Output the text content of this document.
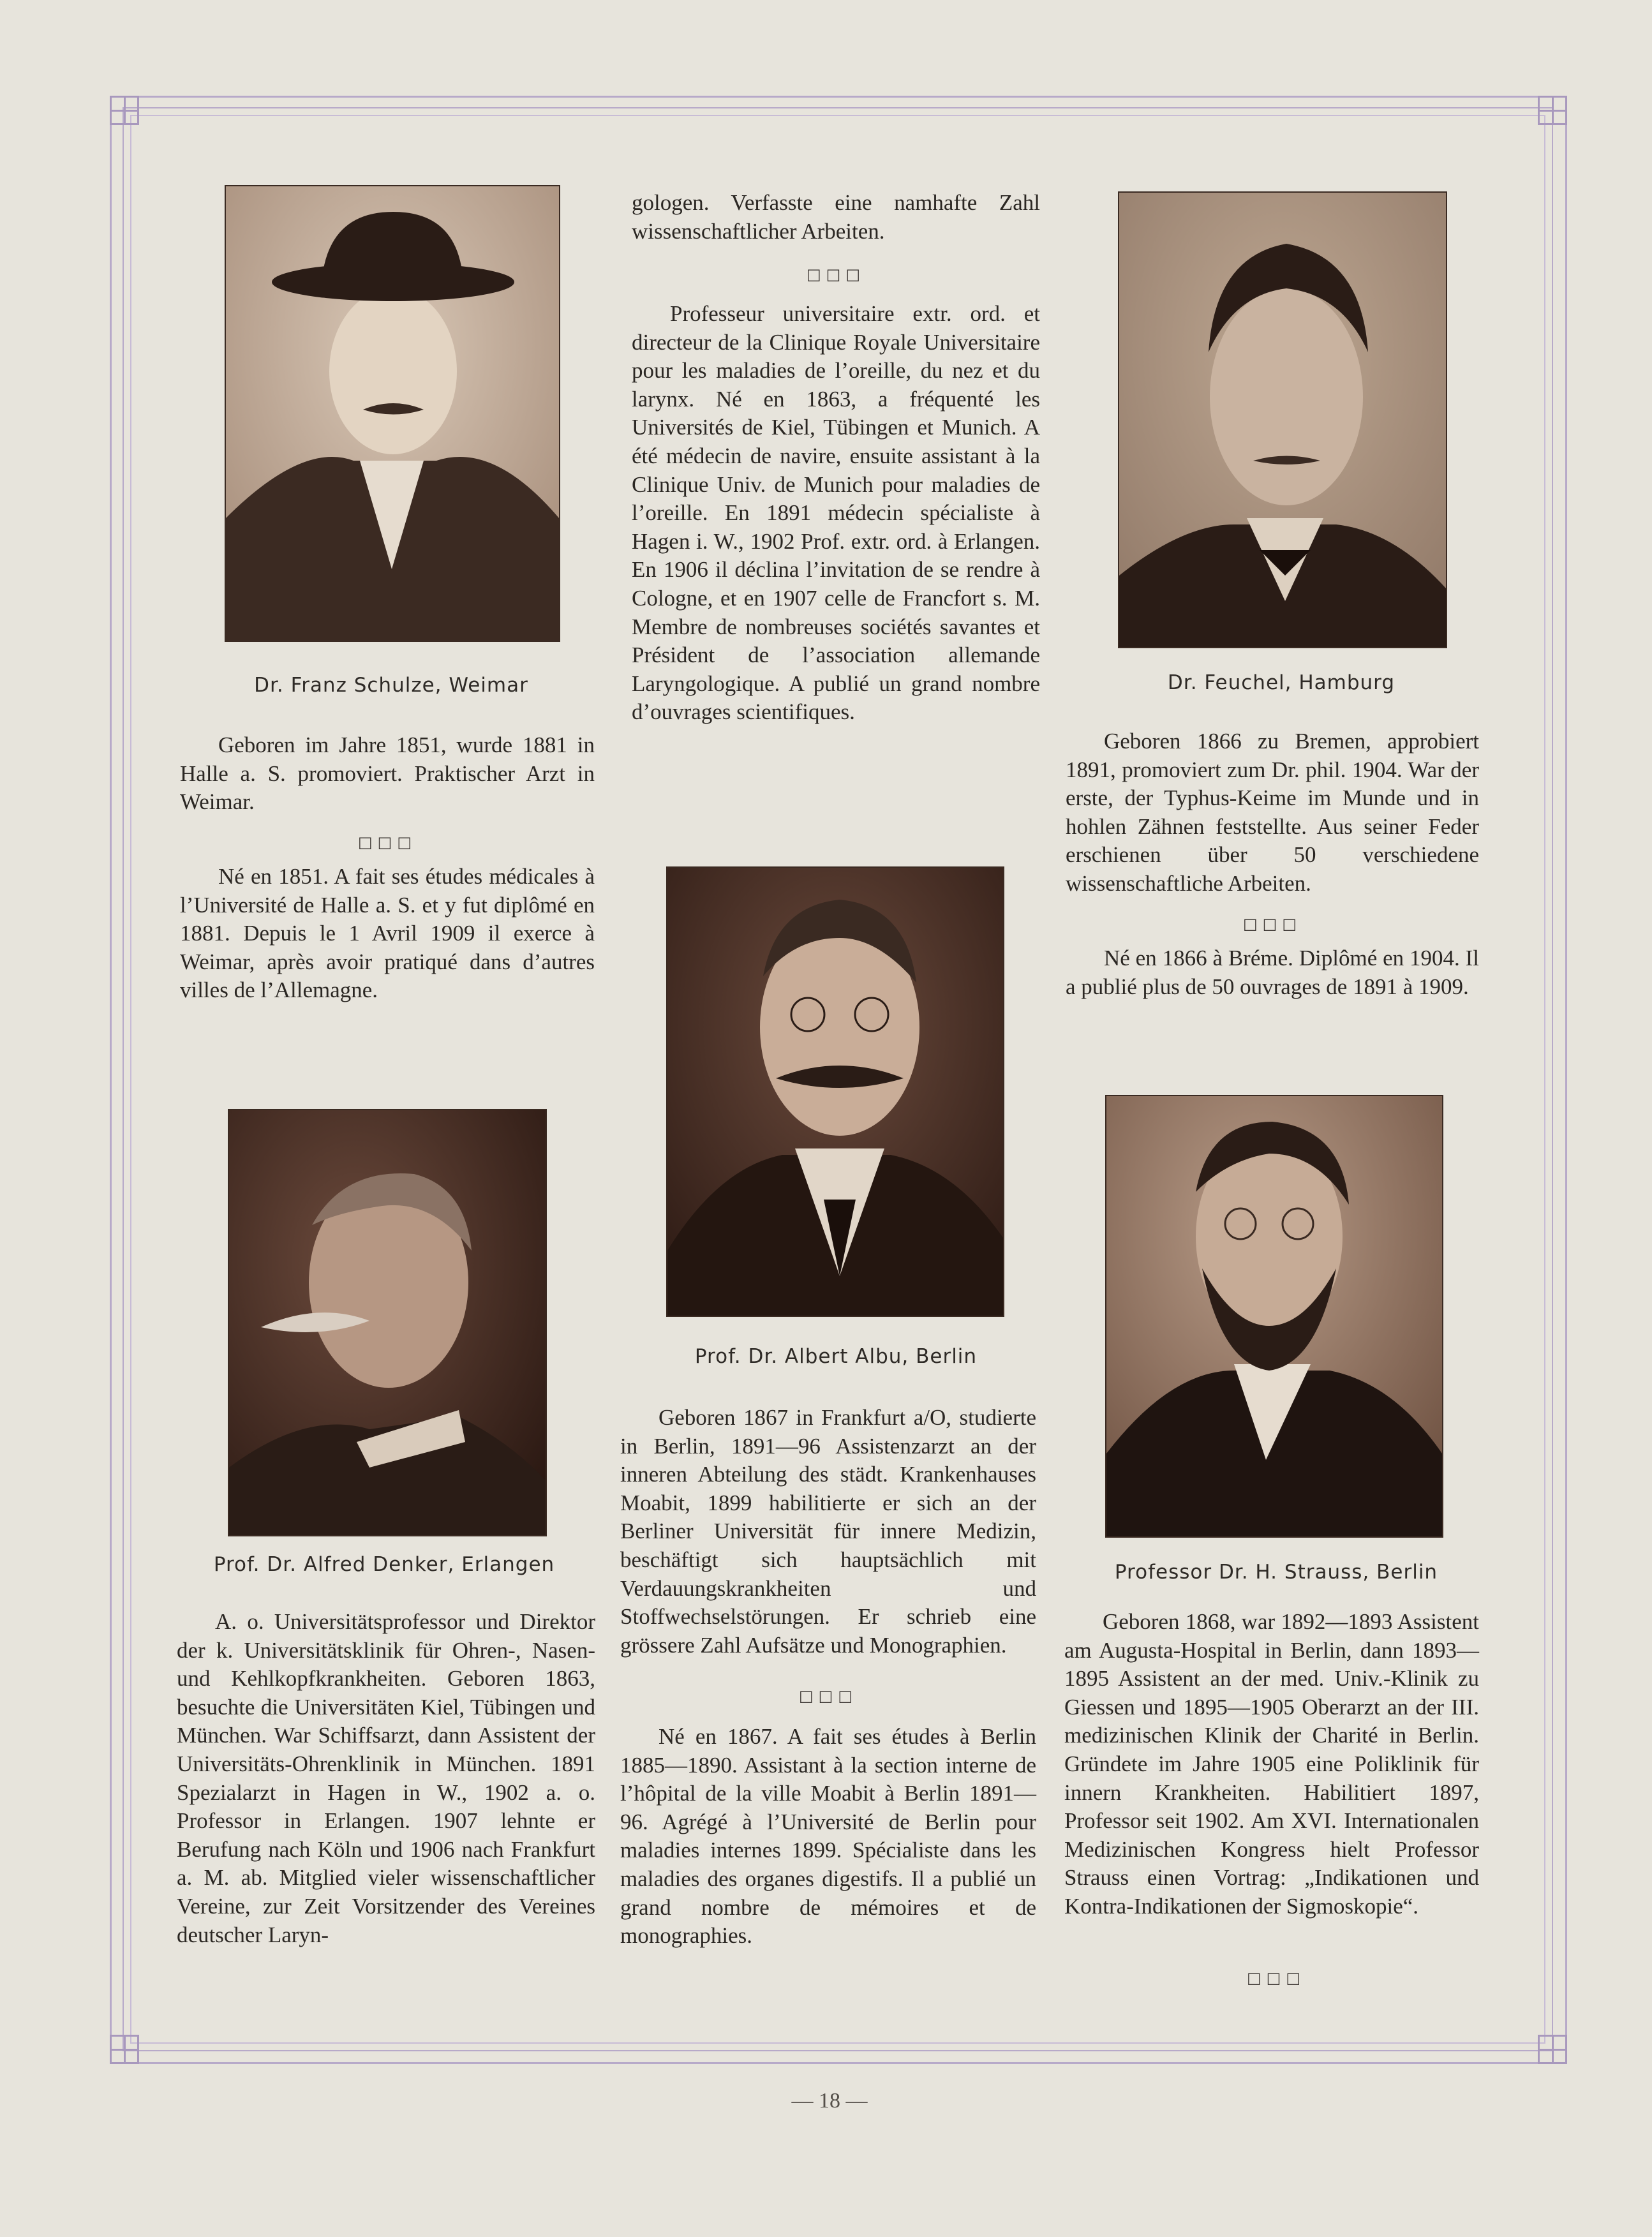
Dr. Franz Schulze, Weimar

Geboren im Jahre 1851, wurde 1881 in Halle a. S. promoviert. Praktischer Arzt in Weimar.

□□□

Né en 1851. A fait ses études médicales à l’Université de Halle a. S. et y fut diplômé en 1881. Depuis le 1 Avril 1909 il exerce à Weimar, après avoir pratiqué dans d’autres villes de l’Allemagne.

Prof. Dr. Alfred Denker, Erlangen

A. o. Universitätsprofessor und Direktor der k. Universitätsklinik für Ohren-, Nasen- und Kehlkopfkrankheiten. Geboren 1863, besuchte die Universitäten Kiel, Tübingen und München. War Schiffsarzt, dann Assistent der Universitäts-Ohrenklinik in München. 1891 Spezialarzt in Hagen in W., 1902 a. o. Professor in Erlangen. 1907 lehnte er Berufung nach Köln und 1906 nach Frankfurt a. M. ab. Mitglied vieler wissenschaftlicher Vereine, zur Zeit Vorsitzender des Vereines deutscher Laryn-

gologen. Verfasste eine namhafte Zahl wissenschaftlicher Arbeiten.

□□□

Professeur universitaire extr. ord. et directeur de la Clinique Royale Universitaire pour les maladies de l’oreille, du nez et du larynx. Né en 1863, a fréquenté les Universités de Kiel, Tübingen et Munich. A été médecin de navire, ensuite assistant à la Clinique Univ. de Munich pour maladies de l’oreille. En 1891 médecin spécialiste à Hagen i. W., 1902 Prof. extr. ord. à Erlangen. En 1906 il déclina l’invitation de se rendre à Cologne, et en 1907 celle de Francfort s. M. Membre de nombreuses sociétés savantes et Président de l’association allemande Laryngologique. A publié un grand nombre d’ouvrages scientifiques.

Prof. Dr. Albert Albu, Berlin

Geboren 1867 in Frankfurt a/O, studierte in Berlin, 1891—96 Assistenzarzt an der inneren Abteilung des städt. Krankenhauses Moabit, 1899 habilitierte er sich an der Berliner Universität für innere Medizin, beschäftigt sich hauptsächlich mit Verdauungskrankheiten und Stoffwechselstörungen. Er schrieb eine grössere Zahl Aufsätze und Monographien.

□□□

Né en 1867. A fait ses études à Berlin 1885—1890. Assistant à la section interne de l’hôpital de la ville Moabit à Berlin 1891—96. Agrégé à l’Université de Berlin pour maladies internes 1899. Spécialiste dans les maladies des organes digestifs. Il a publié un grand nombre de mémoires et de monographies.

Dr. Feuchel, Hamburg

Geboren 1866 zu Bremen, approbiert 1891, promoviert zum Dr. phil. 1904. War der erste, der Typhus-Keime im Munde und in hohlen Zähnen feststellte. Aus seiner Feder erschienen über 50 verschiedene wissenschaftliche Arbeiten.

□□□

Né en 1866 à Bréme. Diplômé en 1904. Il a publié plus de 50 ouvrages de 1891 à 1909.

Professor Dr. H. Strauss, Berlin

Geboren 1868, war 1892—1893 Assistent am Augusta-Hospital in Berlin, dann 1893—1895 Assistent an der med. Univ.-Klinik zu Giessen und 1895—1905 Oberarzt an der III. medizinischen Klinik der Charité in Berlin. Gründete im Jahre 1905 eine Poliklinik für innern Krankheiten. Habilitiert 1897, Professor seit 1902. Am XVI. Internationalen Medizinischen Kongress hielt Professor Strauss einen Vortrag: „Indikationen und Kontra-Indikationen der Sigmoskopie“.

□□□
— 18 —
